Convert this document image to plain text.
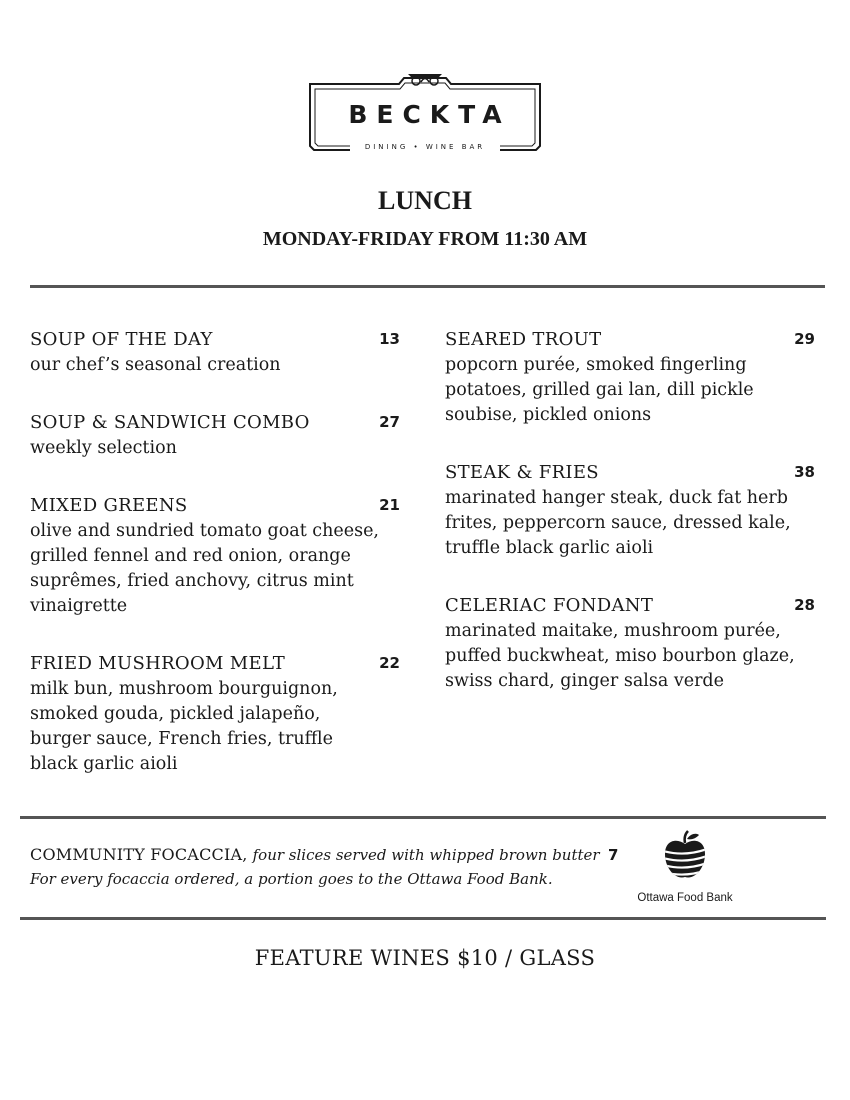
BECKTA
DINING • WINE BAR
LUNCH
MONDAY-FRIDAY FROM 11:30 AM
SOUP OF THE DAY	13
our chef’s seasonal creation
SOUP & SANDWICH COMBO	27
weekly selection
MIXED GREENS	21
olive and sundried tomato goat cheese, grilled fennel and red onion, orange suprêmes, fried anchovy, citrus mint vinaigrette
FRIED MUSHROOM MELT	22
milk bun, mushroom bourguignon, smoked gouda, pickled jalapeño, burger sauce, French fries, truffle black garlic aioli
SEARED TROUT	29
popcorn purée, smoked fingerling potatoes, grilled gai lan, dill pickle soubise, pickled onions
STEAK & FRIES	38
marinated hanger steak, duck fat herb frites, peppercorn sauce, dressed kale, truffle black garlic aioli
CELERIAC FONDANT	28
marinated maitake, mushroom purée, puffed buckwheat, miso bourbon glaze, swiss chard, ginger salsa verde
COMMUNITY FOCACCIA, four slices served with whipped brown butter
For every focaccia ordered, a portion goes to the Ottawa Food Bank.
7
Ottawa Food Bank
FEATURE WINES $10 / GLASS
